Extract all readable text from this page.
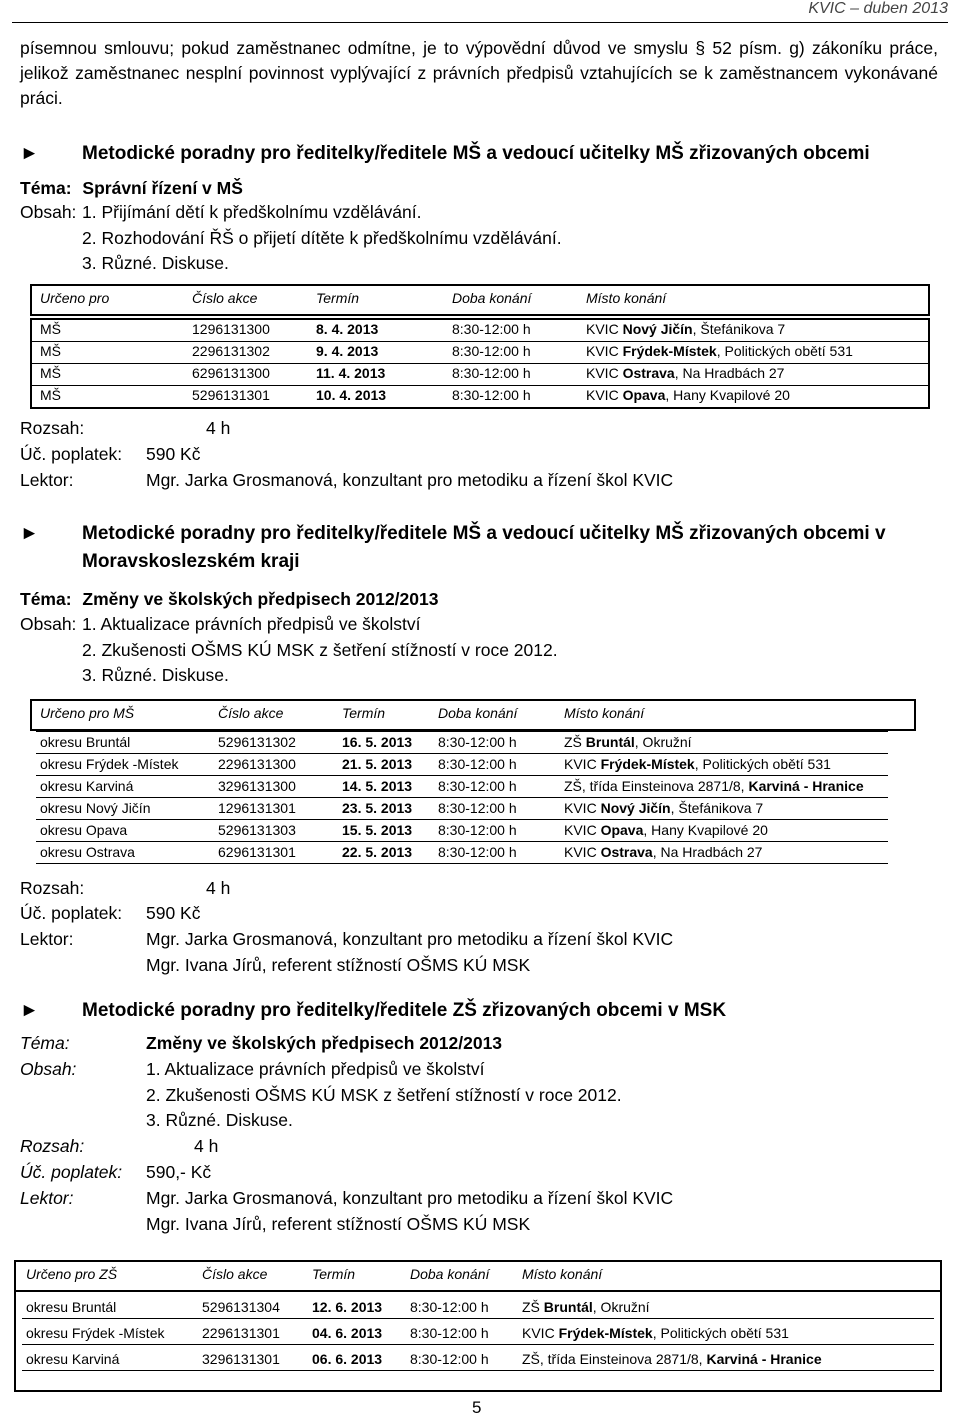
KVIC – duben 2013
písemnou smlouvu; pokud zaměstnanec odmítne, je to výpovědní důvod ve smyslu § 52 písm. g) zákoníku práce, jelikož zaměstnanec nesplní povinnost vyplývající z právních předpisů vztahujících se k zaměstnancem vykonávané práci.
► Metodické poradny pro ředitelky/ředitele MŠ a vedoucí učitelky MŠ zřizovaných obcemi
Téma: Správní řízení v MŠ
Obsah: 1. Přijímání dětí k předškolnímu vzdělávání.
2. Rozhodování ŘŠ o přijetí dítěte k předškolnímu vzdělávání.
3. Různé. Diskuse.
Určeno pro	Číslo akce	Termín	Doba konání	Místo konání

MŠ	1296131300	8. 4. 2013	8:30-12:00 h	KVIC Nový Jičín, Štefánikova 7
MŠ	2296131302	9. 4. 2013	8:30-12:00 h	KVIC Frýdek-Místek, Politických obětí 531
MŠ	6296131300	11. 4. 2013	8:30-12:00 h	KVIC Ostrava, Na Hradbách 27
MŠ	5296131301	10. 4. 2013	8:30-12:00 h	KVIC Opava, Hany Kvapilové 20
Rozsah:	4 h
Úč. poplatek: 590 Kč
Lektor:	Mgr. Jarka Grosmanová, konzultant pro metodiku a řízení škol KVIC
► Metodické poradny pro ředitelky/ředitele MŠ a vedoucí učitelky MŠ zřizovaných obcemi v Moravskoslezském kraji
Téma: Změny ve školských předpisech 2012/2013
Obsah: 1. Aktualizace právních předpisů ve školství
2. Zkušenosti OŠMS KÚ MSK z šetření stížností v roce 2012.
3. Různé. Diskuse.
Určeno pro MŠ	Číslo akce	Termín	Doba konání	Místo konání

okresu Bruntál	5296131302	16. 5. 2013	8:30-12:00 h	ZŠ Bruntál, Okružní
okresu Frýdek -Místek	2296131300	21. 5. 2013	8:30-12:00 h	KVIC Frýdek-Místek, Politických obětí 531
okresu Karviná	3296131300	14. 5. 2013	8:30-12:00 h	ZŠ, třída Einsteinova 2871/8, Karviná - Hranice
okresu Nový Jičín	1296131301	23. 5. 2013	8:30-12:00 h	KVIC Nový Jičín, Štefánikova 7
okresu Opava	5296131303	15. 5. 2013	8:30-12:00 h	KVIC Opava, Hany Kvapilové 20
okresu Ostrava	6296131301	22. 5. 2013	8:30-12:00 h	KVIC Ostrava, Na Hradbách 27
Rozsah:	4 h
Úč. poplatek: 590 Kč
Lektor:	Mgr. Jarka Grosmanová, konzultant pro metodiku a řízení škol KVIC
Mgr. Ivana Jírů, referent stížností OŠMS KÚ MSK
► Metodické poradny pro ředitelky/ředitele ZŠ zřizovaných obcemi v MSK
Téma:	Změny ve školských předpisech 2012/2013
Obsah:	1. Aktualizace právních předpisů ve školství
2. Zkušenosti OŠMS KÚ MSK z šetření stížností v roce 2012.
3. Různé. Diskuse.
Rozsah:	4 h
Úč. poplatek: 590,- Kč
Lektor:	Mgr. Jarka Grosmanová, konzultant pro metodiku a řízení škol KVIC
Mgr. Ivana Jírů, referent stížností OŠMS KÚ MSK
Určeno pro ZŠ	Číslo akce	Termín	Doba konání	Místo konání

okresu Bruntál	5296131304	12. 6. 2013	8:30-12:00 h	ZŠ Bruntál, Okružní
okresu Frýdek -Místek	2296131301	04. 6. 2013	8:30-12:00 h	KVIC Frýdek-Místek, Politických obětí 531
okresu Karviná	3296131301	06. 6. 2013	8:30-12:00 h	ZŠ, třída Einsteinova 2871/8, Karviná - Hranice
5
